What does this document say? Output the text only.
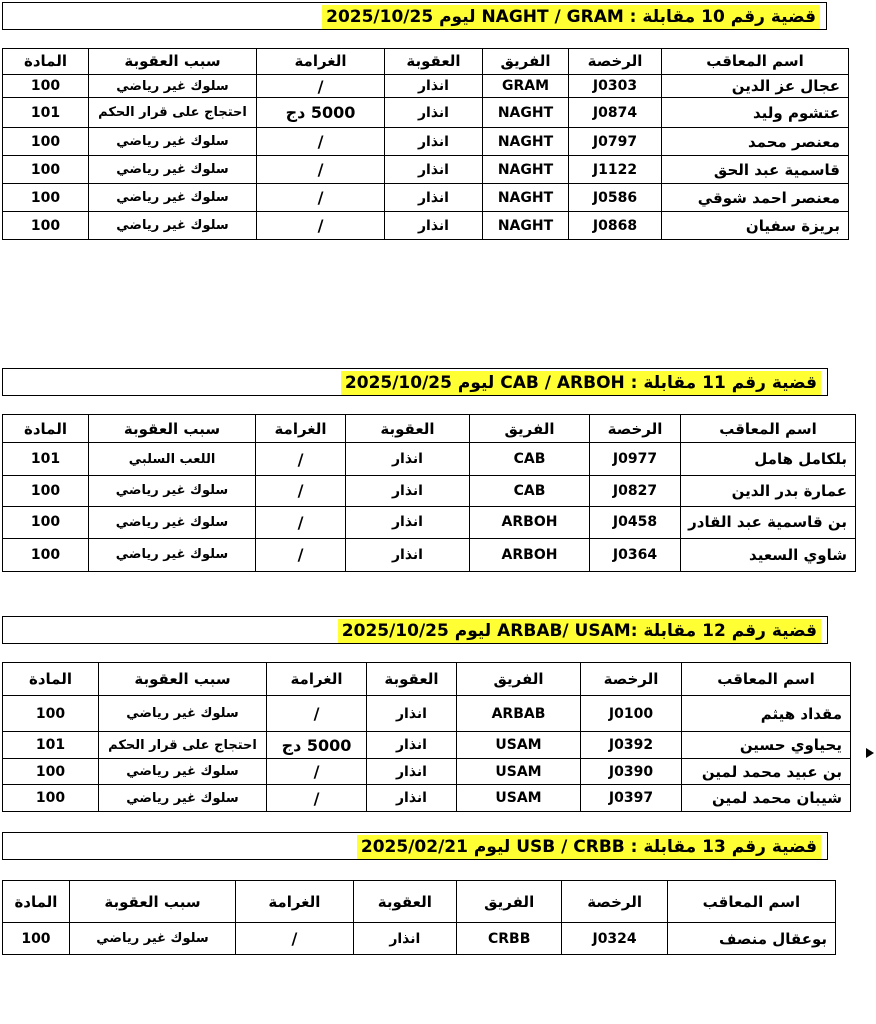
قضية رقم 10 مقابلة : NAGHT / GRAM ليوم 2025/10/25
اسم المعاقب	الرخصة	الفريق	العقوبة	الغرامة	سبب العقوبة	المادة
عجال عز الدين	J0303	GRAM	انذار	/	سلوك غير رياضي	100
عتشوم وليد	J0874	NAGHT	انذار	5000 دج	احتجاج على قرار الحكم	101
معنصر محمد	J0797	NAGHT	انذار	/	سلوك غير رياضي	100
قاسمية عبد الحق	J1122	NAGHT	انذار	/	سلوك غير رياضي	100
معنصر احمد شوقي	J0586	NAGHT	انذار	/	سلوك غير رياضي	100
بريزة سفيان	J0868	NAGHT	انذار	/	سلوك غير رياضي	100
قضية رقم 11 مقابلة : CAB / ARBOH ليوم 2025/10/25
اسم المعاقب	الرخصة	الفريق	العقوبة	الغرامة	سبب العقوبة	المادة
بلكامل هامل	J0977	CAB	انذار	/	اللعب السلبي	101
عمارة بدر الدين	J0827	CAB	انذار	/	سلوك غير رياضي	100
بن قاسمية عبد القادر	J0458	ARBOH	انذار	/	سلوك غير رياضي	100
شاوي السعيد	J0364	ARBOH	انذار	/	سلوك غير رياضي	100
قضية رقم 12 مقابلة :ARBAB/ USAM ليوم 2025/10/25
اسم المعاقب	الرخصة	الفريق	العقوبة	الغرامة	سبب العقوبة	المادة
مقداد هيثم	J0100	ARBAB	انذار	/	سلوك غير رياضي	100
يحياوي حسين	J0392	USAM	انذار	5000 دج	احتجاج على قرار الحكم	101
بن عبيد محمد لمين	J0390	USAM	انذار	/	سلوك غير رياضي	100
شيبان محمد لمين	J0397	USAM	انذار	/	سلوك غير رياضي	100
قضية رقم 13 مقابلة : USB / CRBB ليوم 2025/02/21
اسم المعاقب	الرخصة	الفريق	العقوبة	الغرامة	سبب العقوبة	المادة
بوعقال منصف	J0324	CRBB	انذار	/	سلوك غير رياضي	100
